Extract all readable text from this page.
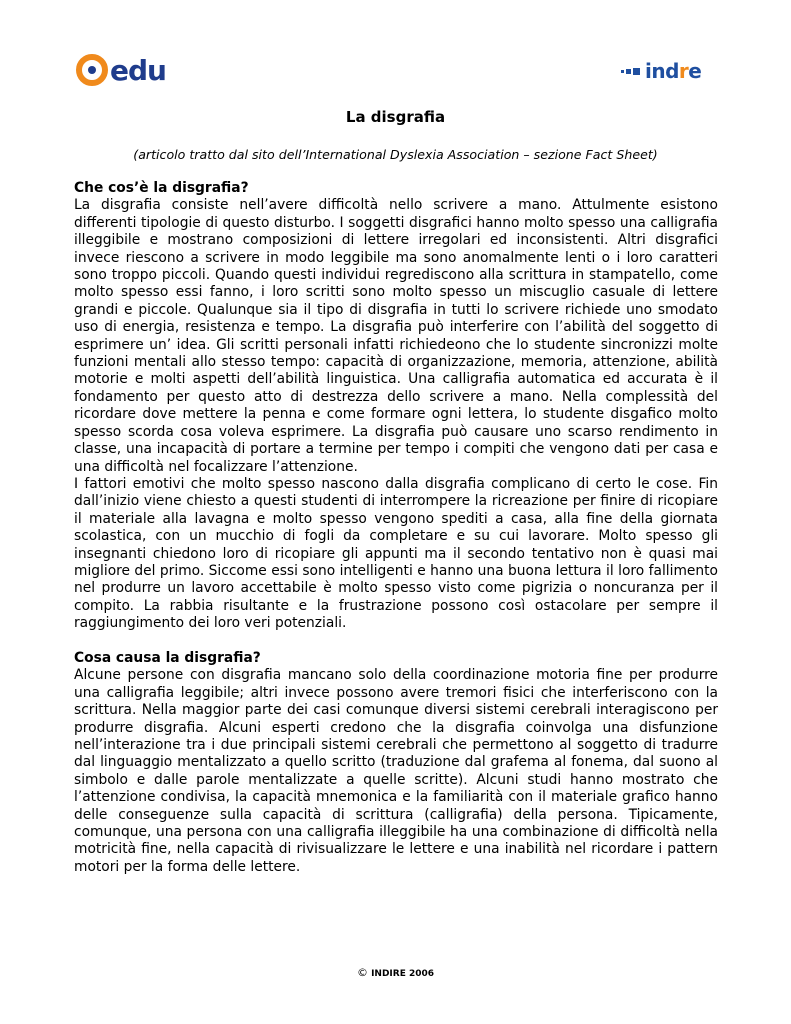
edu	indre
La disgrafia
(articolo tratto dal sito dell’International Dyslexia Association – sezione Fact Sheet)
Che cos’è la disgrafia?

La disgrafia consiste nell’avere difficoltà nello scrivere a mano. Attulmente esistono differenti tipologie di questo disturbo. I soggetti disgrafici hanno molto spesso una calligrafia illeggibile e mostrano composizioni di lettere irregolari ed inconsistenti. Altri disgrafici invece riescono a scrivere in modo leggibile ma sono anomalmente lenti o i loro caratteri sono troppo piccoli. Quando questi individui regrediscono alla scrittura in stampatello, come molto spesso essi fanno, i loro scritti sono molto spesso un miscuglio casuale di lettere grandi e piccole. Qualunque sia il tipo di disgrafia in tutti lo scrivere richiede uno smodato uso di energia, resistenza e tempo. La disgrafia può interferire con l’abilità del soggetto di esprimere un’ idea. Gli scritti personali infatti richiedeono che lo studente sincronizzi molte funzioni mentali allo stesso tempo: capacità di organizzazione, memoria, attenzione, abilità motorie e molti aspetti dell’abilità linguistica. Una calligrafia automatica ed accurata è il fondamento per questo atto di destrezza dello scrivere a mano. Nella complessità del ricordare dove mettere la penna e come formare ogni lettera, lo studente disgafico molto spesso scorda cosa voleva esprimere. La disgrafia può causare uno scarso rendimento in classe, una incapacità di portare a termine per tempo i compiti che vengono dati per casa e una difficoltà nel focalizzare l’attenzione.

I fattori emotivi che molto spesso nascono dalla disgrafia complicano di certo le cose. Fin dall’inizio viene chiesto a questi studenti di interrompere la ricreazione per finire di ricopiare il materiale alla lavagna e molto spesso vengono spediti a casa, alla fine della giornata scolastica, con un mucchio di fogli da completare e su cui lavorare. Molto spesso gli insegnanti chiedono loro di ricopiare gli appunti ma il secondo tentativo non è quasi mai migliore del primo. Siccome essi sono intelligenti e hanno una buona lettura il loro fallimento nel produrre un lavoro accettabile è molto spesso visto come pigrizia o noncuranza per il compito. La rabbia risultante e la frustrazione possono così ostacolare per sempre il raggiungimento dei loro veri potenziali.

Cosa causa la disgrafia?

Alcune persone con disgrafia mancano solo della coordinazione motoria fine per produrre una calligrafia leggibile; altri invece possono avere tremori fisici che interferiscono con la scrittura. Nella maggior parte dei casi comunque diversi sistemi cerebrali interagiscono per produrre disgrafia. Alcuni esperti credono che la disgrafia coinvolga una disfunzione nell’interazione tra i due principali sistemi cerebrali che permettono al soggetto di tradurre dal linguaggio mentalizzato a quello scritto (traduzione dal grafema al fonema, dal suono al simbolo e dalle parole mentalizzate a quelle scritte). Alcuni studi hanno mostrato che l’attenzione condivisa, la capacità mnemonica e la familiarità con il materiale grafico hanno delle conseguenze sulla capacità di scrittura (calligrafia) della persona. Tipicamente, comunque, una persona con una calligrafia illeggibile ha una combinazione di difficoltà nella motricità fine, nella capacità di rivisualizzare le lettere e una inabilità nel ricordare i pattern motori per la forma delle lettere.

© INDIRE 2006
